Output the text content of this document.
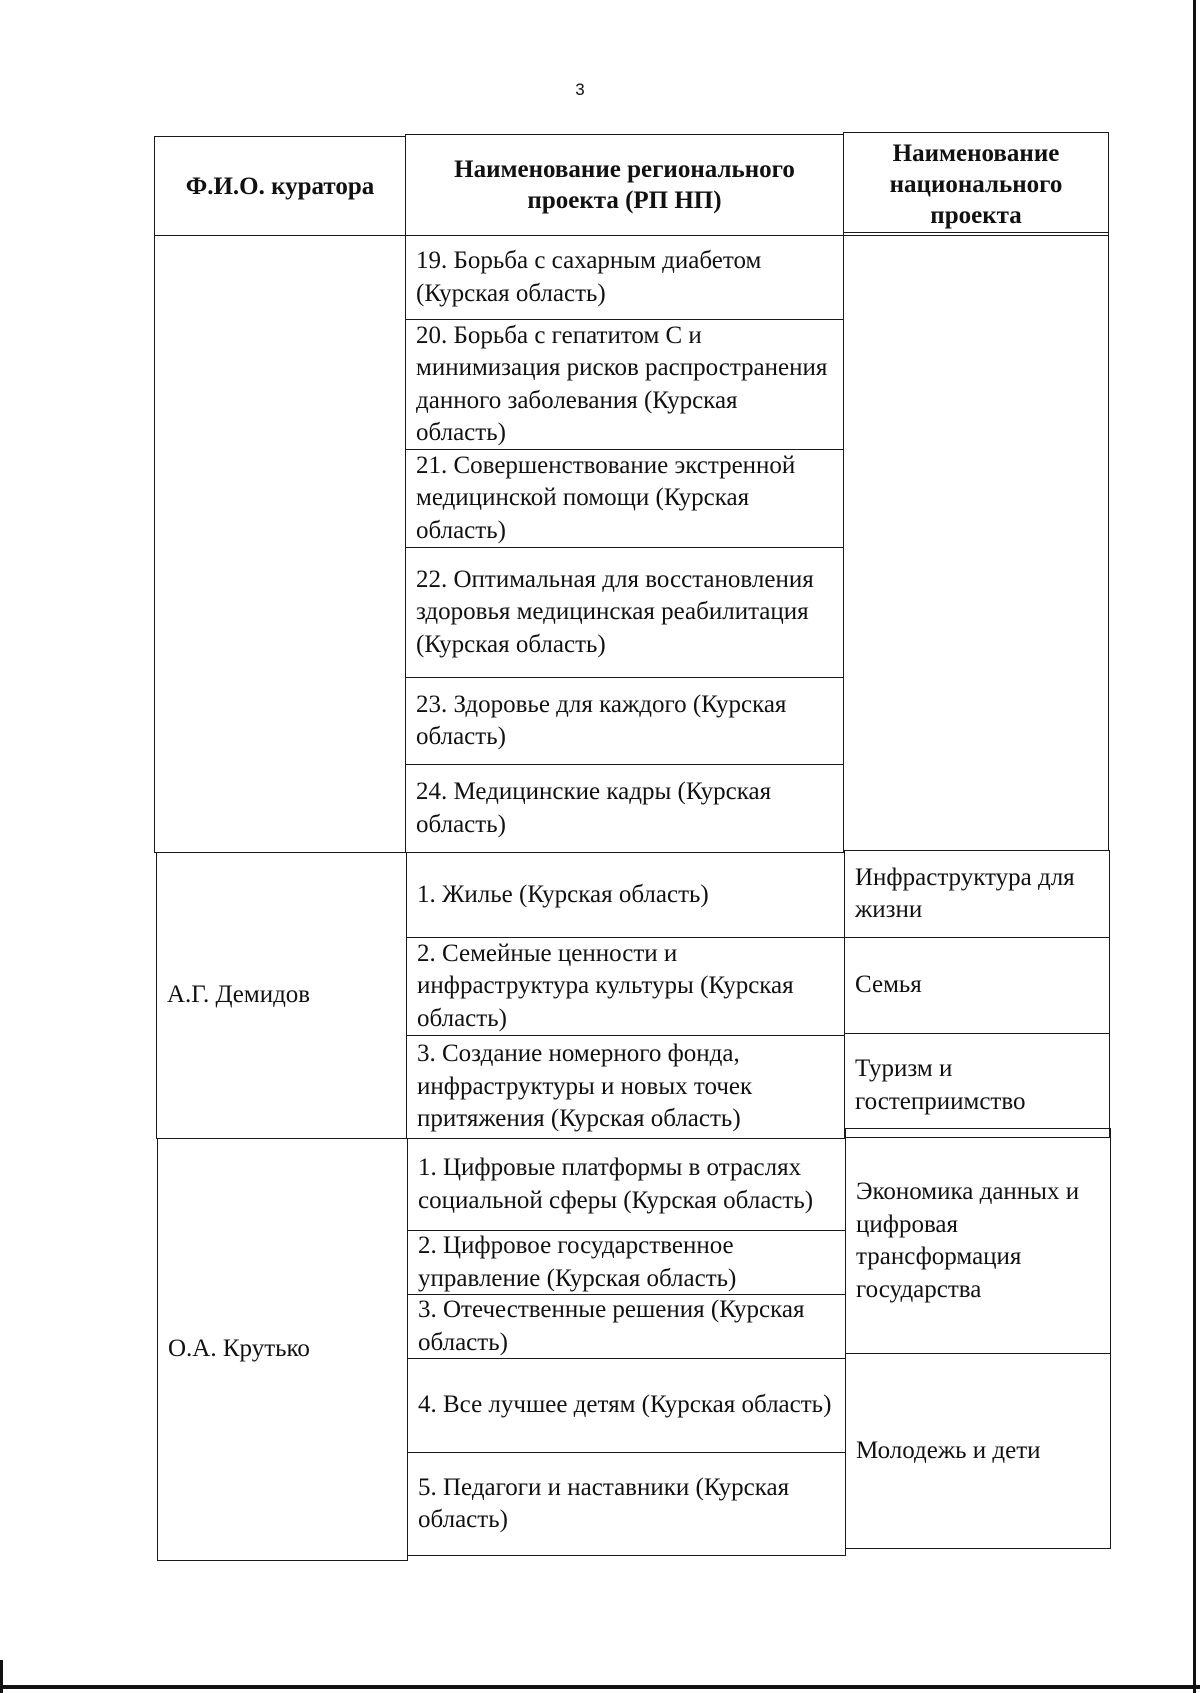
3
Ф.И.О. куратора
Наименование регионального проекта (РП НП)
Наименование национального проекта
19. Борьба с сахарным диабетом (Курская область)
20. Борьба с гепатитом С и минимизация рисков распространения данного заболевания (Курская область)
21. Совершенствование экстренной медицинской помощи (Курская область)
22. Оптимальная для восстановления здоровья медицинская реабилитация (Курская область)
23. Здоровье для каждого (Курская область)
24. Медицинские кадры (Курская область)
А.Г. Демидов
1. Жилье (Курская область)
Инфраструктура для жизни
2. Семейные ценности и инфраструктура культуры (Курская область)
Семья
3. Создание номерного фонда, инфраструктуры и новых точек притяжения (Курская область)
Туризм и гостеприимство
О.А. Крутько
1. Цифровые платформы в отраслях социальной сферы (Курская область)
2. Цифровое государственное управление (Курская область)
3. Отечественные решения (Курская область)
Экономика данных и цифровая трансформация государства
4. Все лучшее детям (Курская область)
5. Педагоги и наставники (Курская область)
Молодежь и дети
